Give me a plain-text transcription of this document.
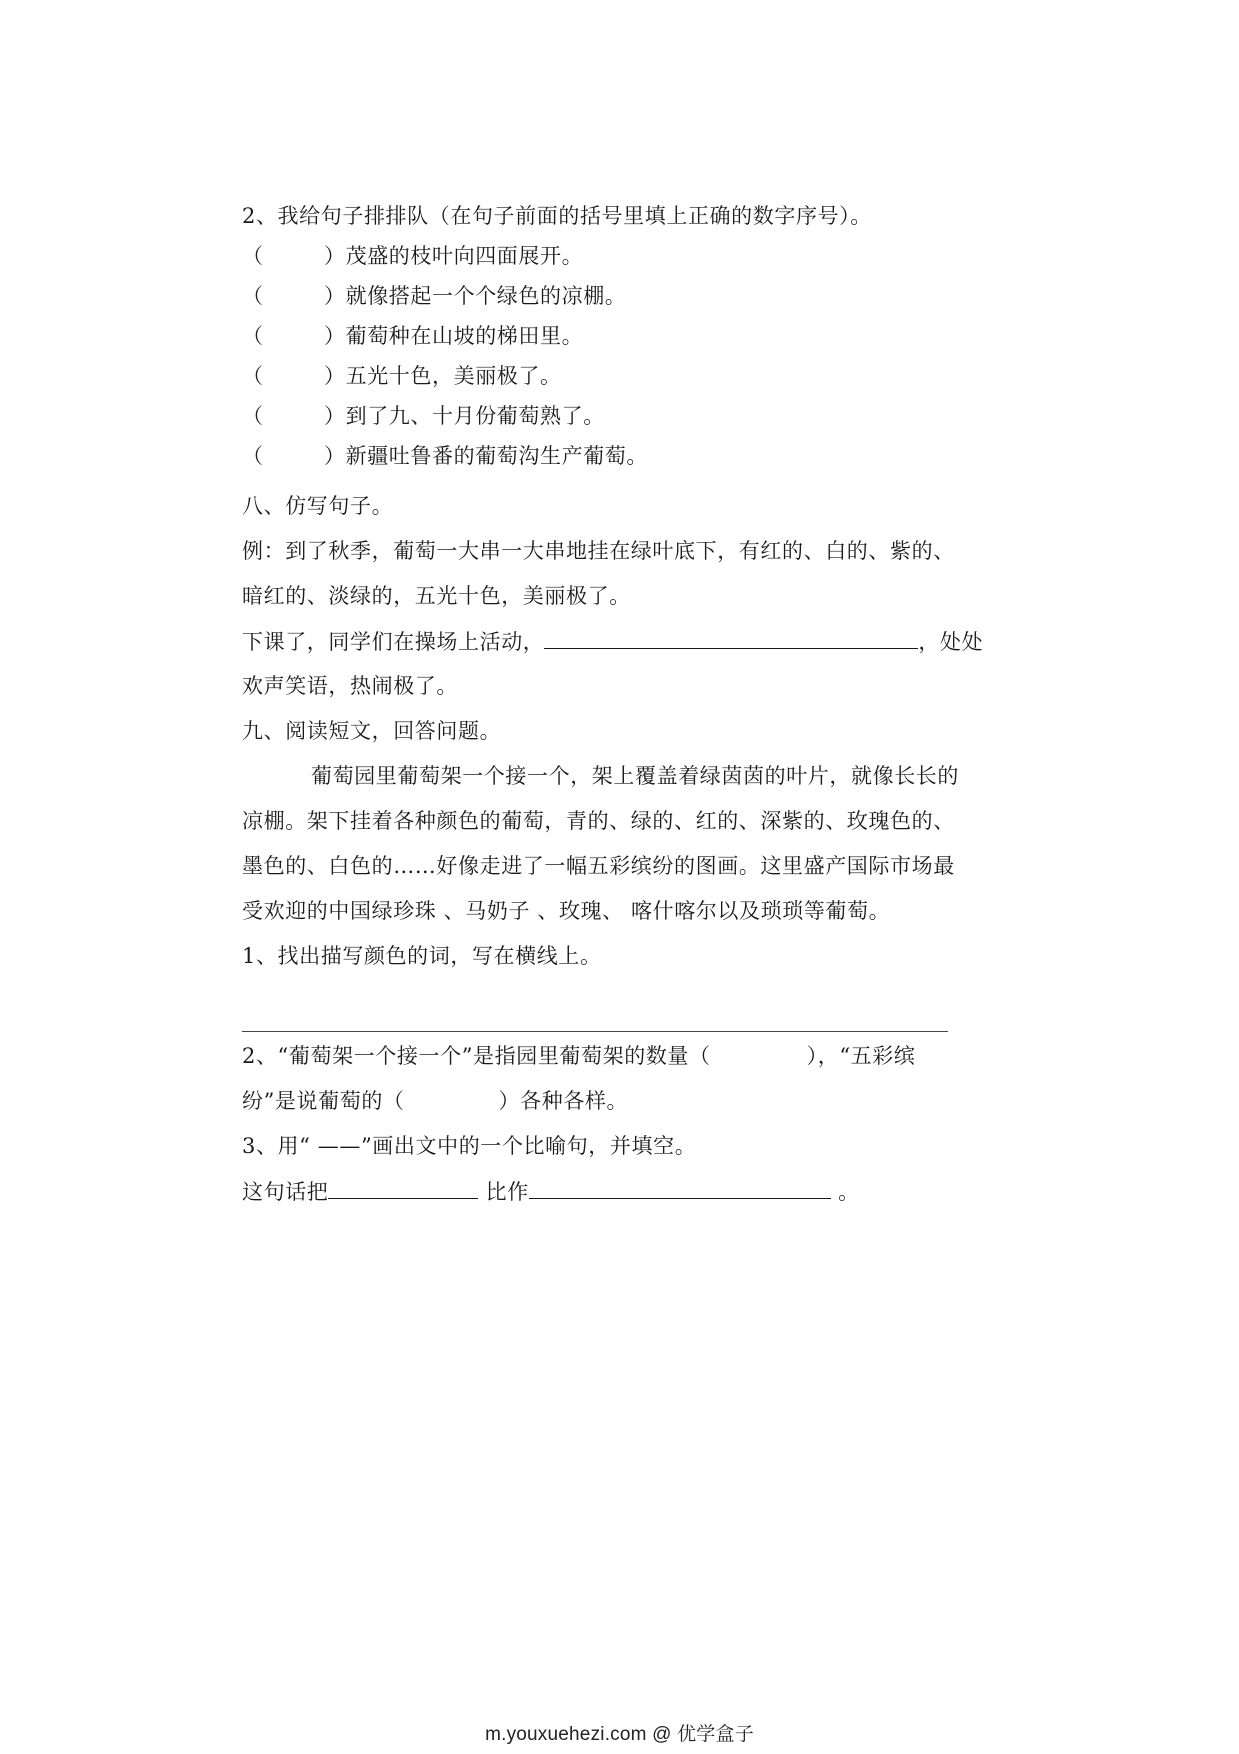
2、我给句子排排队（在句子前面的括号里填上正确的数字序号）。
（	）茂盛的枝叶向四面展开。
（	）就像搭起一个个绿色的凉棚。
（	）葡萄种在山坡的梯田里。
（	）五光十色，美丽极了。
（	）到了九、十月份葡萄熟了。
（	）新疆吐鲁番的葡萄沟生产葡萄。
八、仿写句子。
例：到了秋季，葡萄一大串一大串地挂在绿叶底下，有红的、白的、紫的、
暗红的、淡绿的，五光十色，美丽极了。
下课了，同学们在操场上活动，	，处处
欢声笑语，热闹极了。
九、阅读短文，回答问题。
葡萄园里葡萄架一个接一个，架上覆盖着绿茵茵的叶片，就像长长的
凉棚。架下挂着各种颜色的葡萄，青的、绿的、红的、深紫的、玫瑰色的、
墨色的、白色的……好像走进了一幅五彩缤纷的图画。这里盛产国际市场最
受欢迎的中国绿珍珠 、马奶子 、玫瑰、 喀什喀尔以及琐琐等葡萄。
1、找出描写颜色的词，写在横线上。
2、“葡萄架一个接一个”是指园里葡萄架的数量（	），“五彩缤
纷”是说葡萄的（	）各种各样。
3、用“ ——”画出文中的一个比喻句，并填空。
这句话把	比作	。
m.youxuehezi.com @ 优学盒子
